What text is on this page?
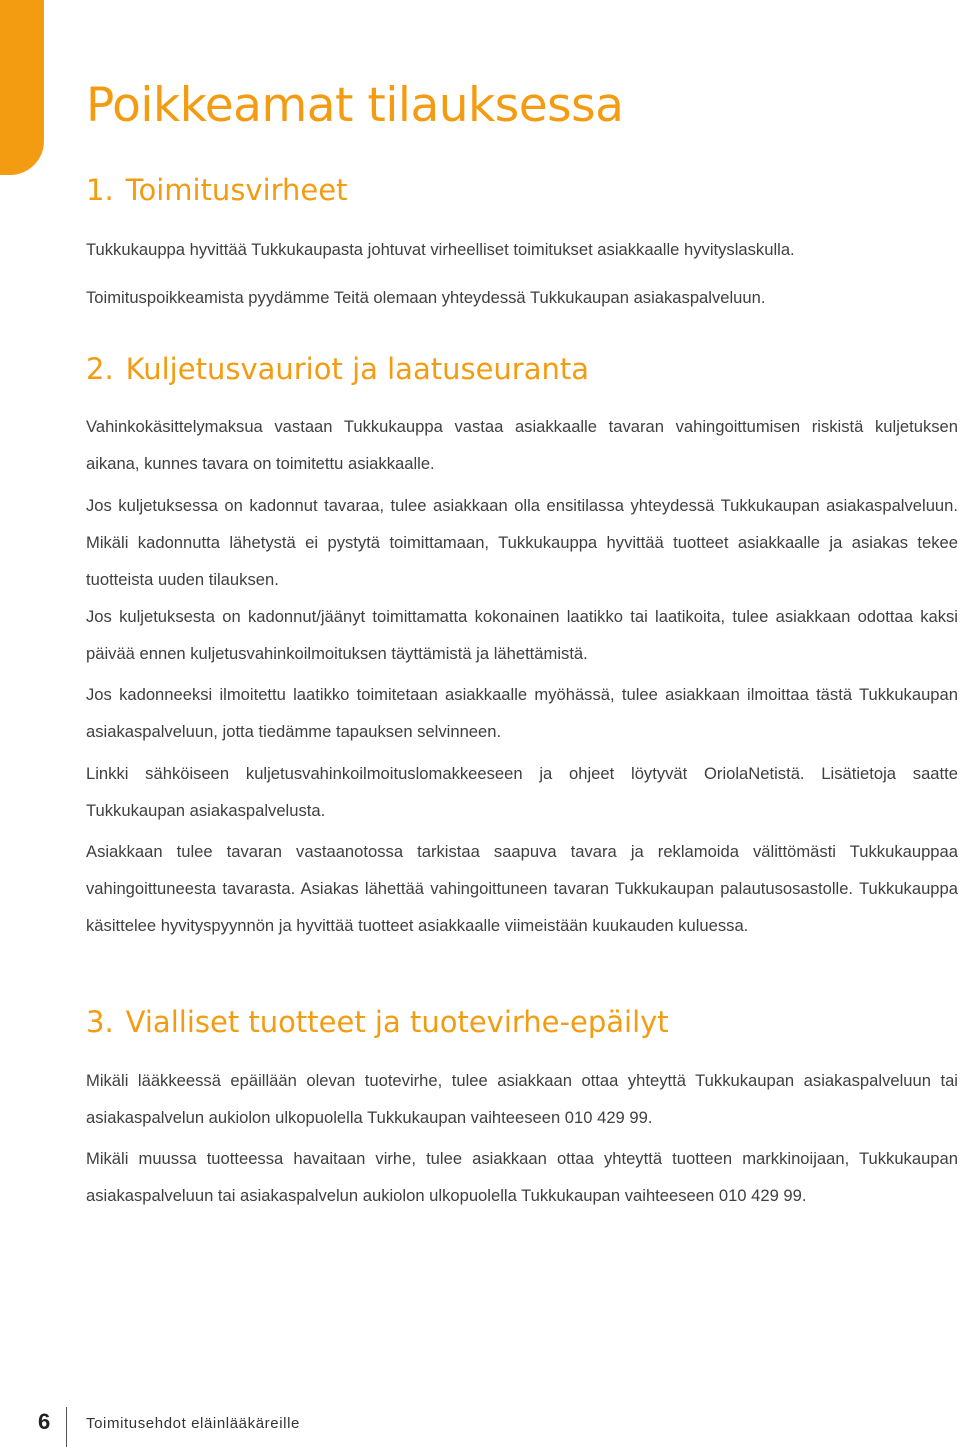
Poikkeamat tilauksessa
1. Toimitusvirheet

Tukkukauppa hyvittää Tukkukaupasta johtuvat virheelliset toimitukset asiakkaalle hyvityslaskulla.

Toimituspoikkeamista pyydämme Teitä olemaan yhteydessä Tukkukaupan asiakaspalveluun.

2. Kuljetusvauriot ja laatuseuranta

Vahinkokäsittelymaksua vastaan Tukkukauppa vastaa asiakkaalle tavaran vahingoittumisen riskistä kuljetuksen aikana, kunnes tavara on toimitettu asiakkaalle.

Jos kuljetuksessa on kadonnut tavaraa, tulee asiakkaan olla ensitilassa yhteydessä Tukkukaupan asiakaspalveluun. Mikäli kadonnutta lähetystä ei pystytä toimittamaan, Tukkukauppa hyvittää tuotteet asiakkaalle ja asiakas tekee tuotteista uuden tilauksen.

Jos kuljetuksesta on kadonnut/jäänyt toimittamatta kokonainen laatikko tai laatikoita, tulee asiakkaan odottaa kaksi päivää ennen kuljetusvahinkoilmoituksen täyttämistä ja lähettämistä.

Jos kadonneeksi ilmoitettu laatikko toimitetaan asiakkaalle myöhässä, tulee asiakkaan ilmoittaa tästä Tukkukaupan asiakaspalveluun, jotta tiedämme tapauksen selvinneen.

Linkki sähköiseen kuljetusvahinkoilmoituslomakkeeseen ja ohjeet löytyvät OriolaNetistä. Lisätietoja saatte Tukkukaupan asiakaspalvelusta.

Asiakkaan tulee tavaran vastaanotossa tarkistaa saapuva tavara ja reklamoida välittömästi Tukkukauppaa vahingoittuneesta tavarasta. Asiakas lähettää vahingoittuneen tavaran Tukkukaupan palautusosastolle. Tukkukauppa käsittelee hyvityspyynnön ja hyvittää tuotteet asiakkaalle viimeistään kuukauden kuluessa.

3. Vialliset tuotteet ja tuotevirhe-epäilyt

Mikäli lääkkeessä epäillään olevan tuotevirhe, tulee asiakkaan ottaa yhteyttä Tukkukaupan asiakaspalveluun tai asiakaspalvelun aukiolon ulkopuolella Tukkukaupan vaihteeseen 010 429 99.

Mikäli muussa tuotteessa havaitaan virhe, tulee asiakkaan ottaa yhteyttä tuotteen markkinoijaan, Tukkukaupan asiakaspalveluun tai asiakaspalvelun aukiolon ulkopuolella Tukkukaupan vaihteeseen 010 429 99.

6 Toimitusehdot eläinlääkäreille
